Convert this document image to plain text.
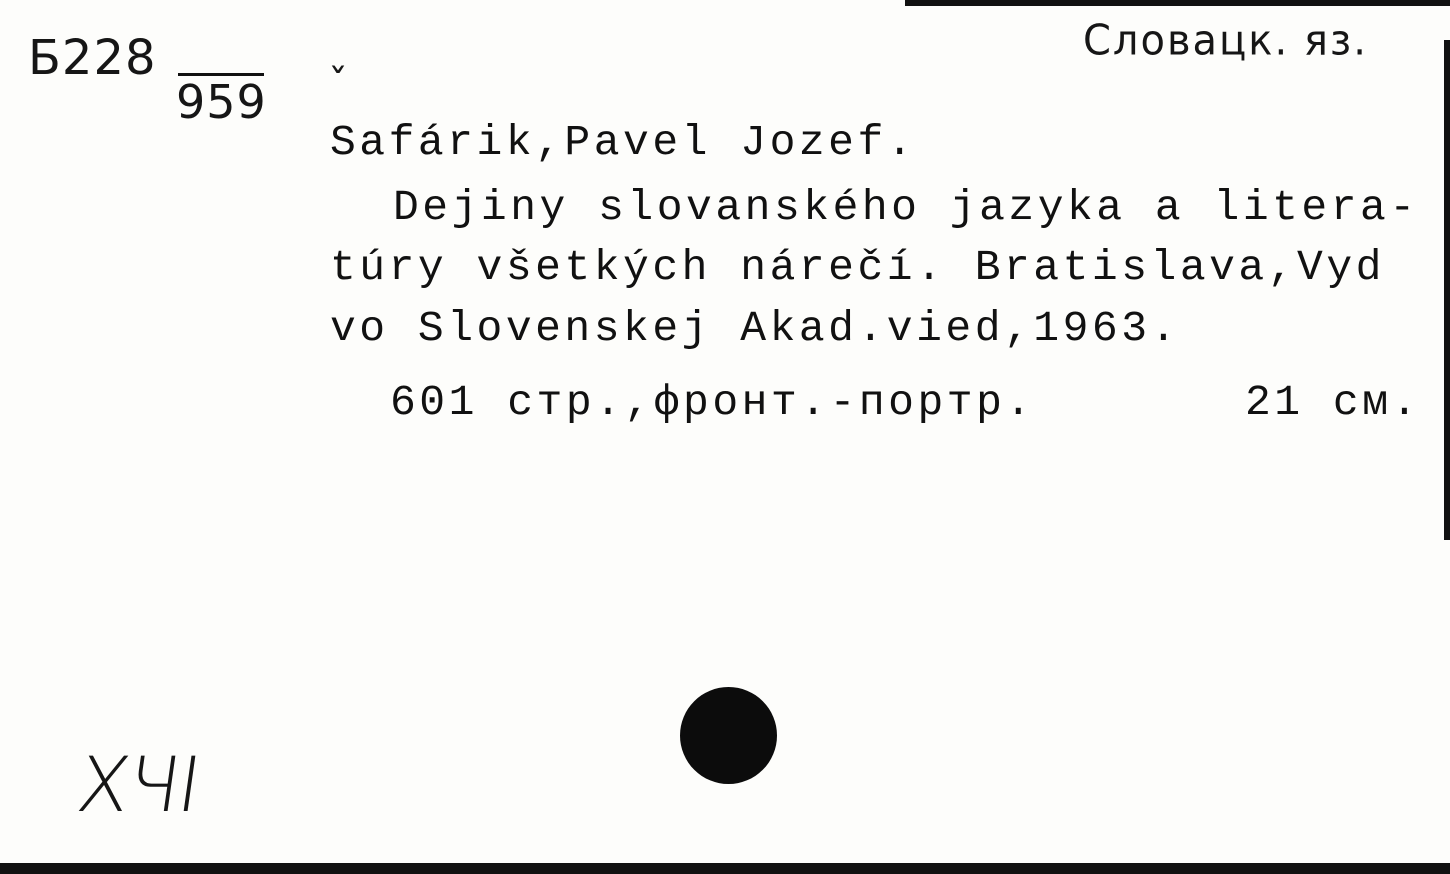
Б228
959
Словацк. яз.
ˇ
Safárik,Pavel Jozef.
Dejiny slovanského jazyka a litera-
túry všetkých nárečí. Bratislava,Vyd
vo Slovenskej Akad.vied,1963.
601 стр.,фронт.-портр.	21 см.
XЧI
